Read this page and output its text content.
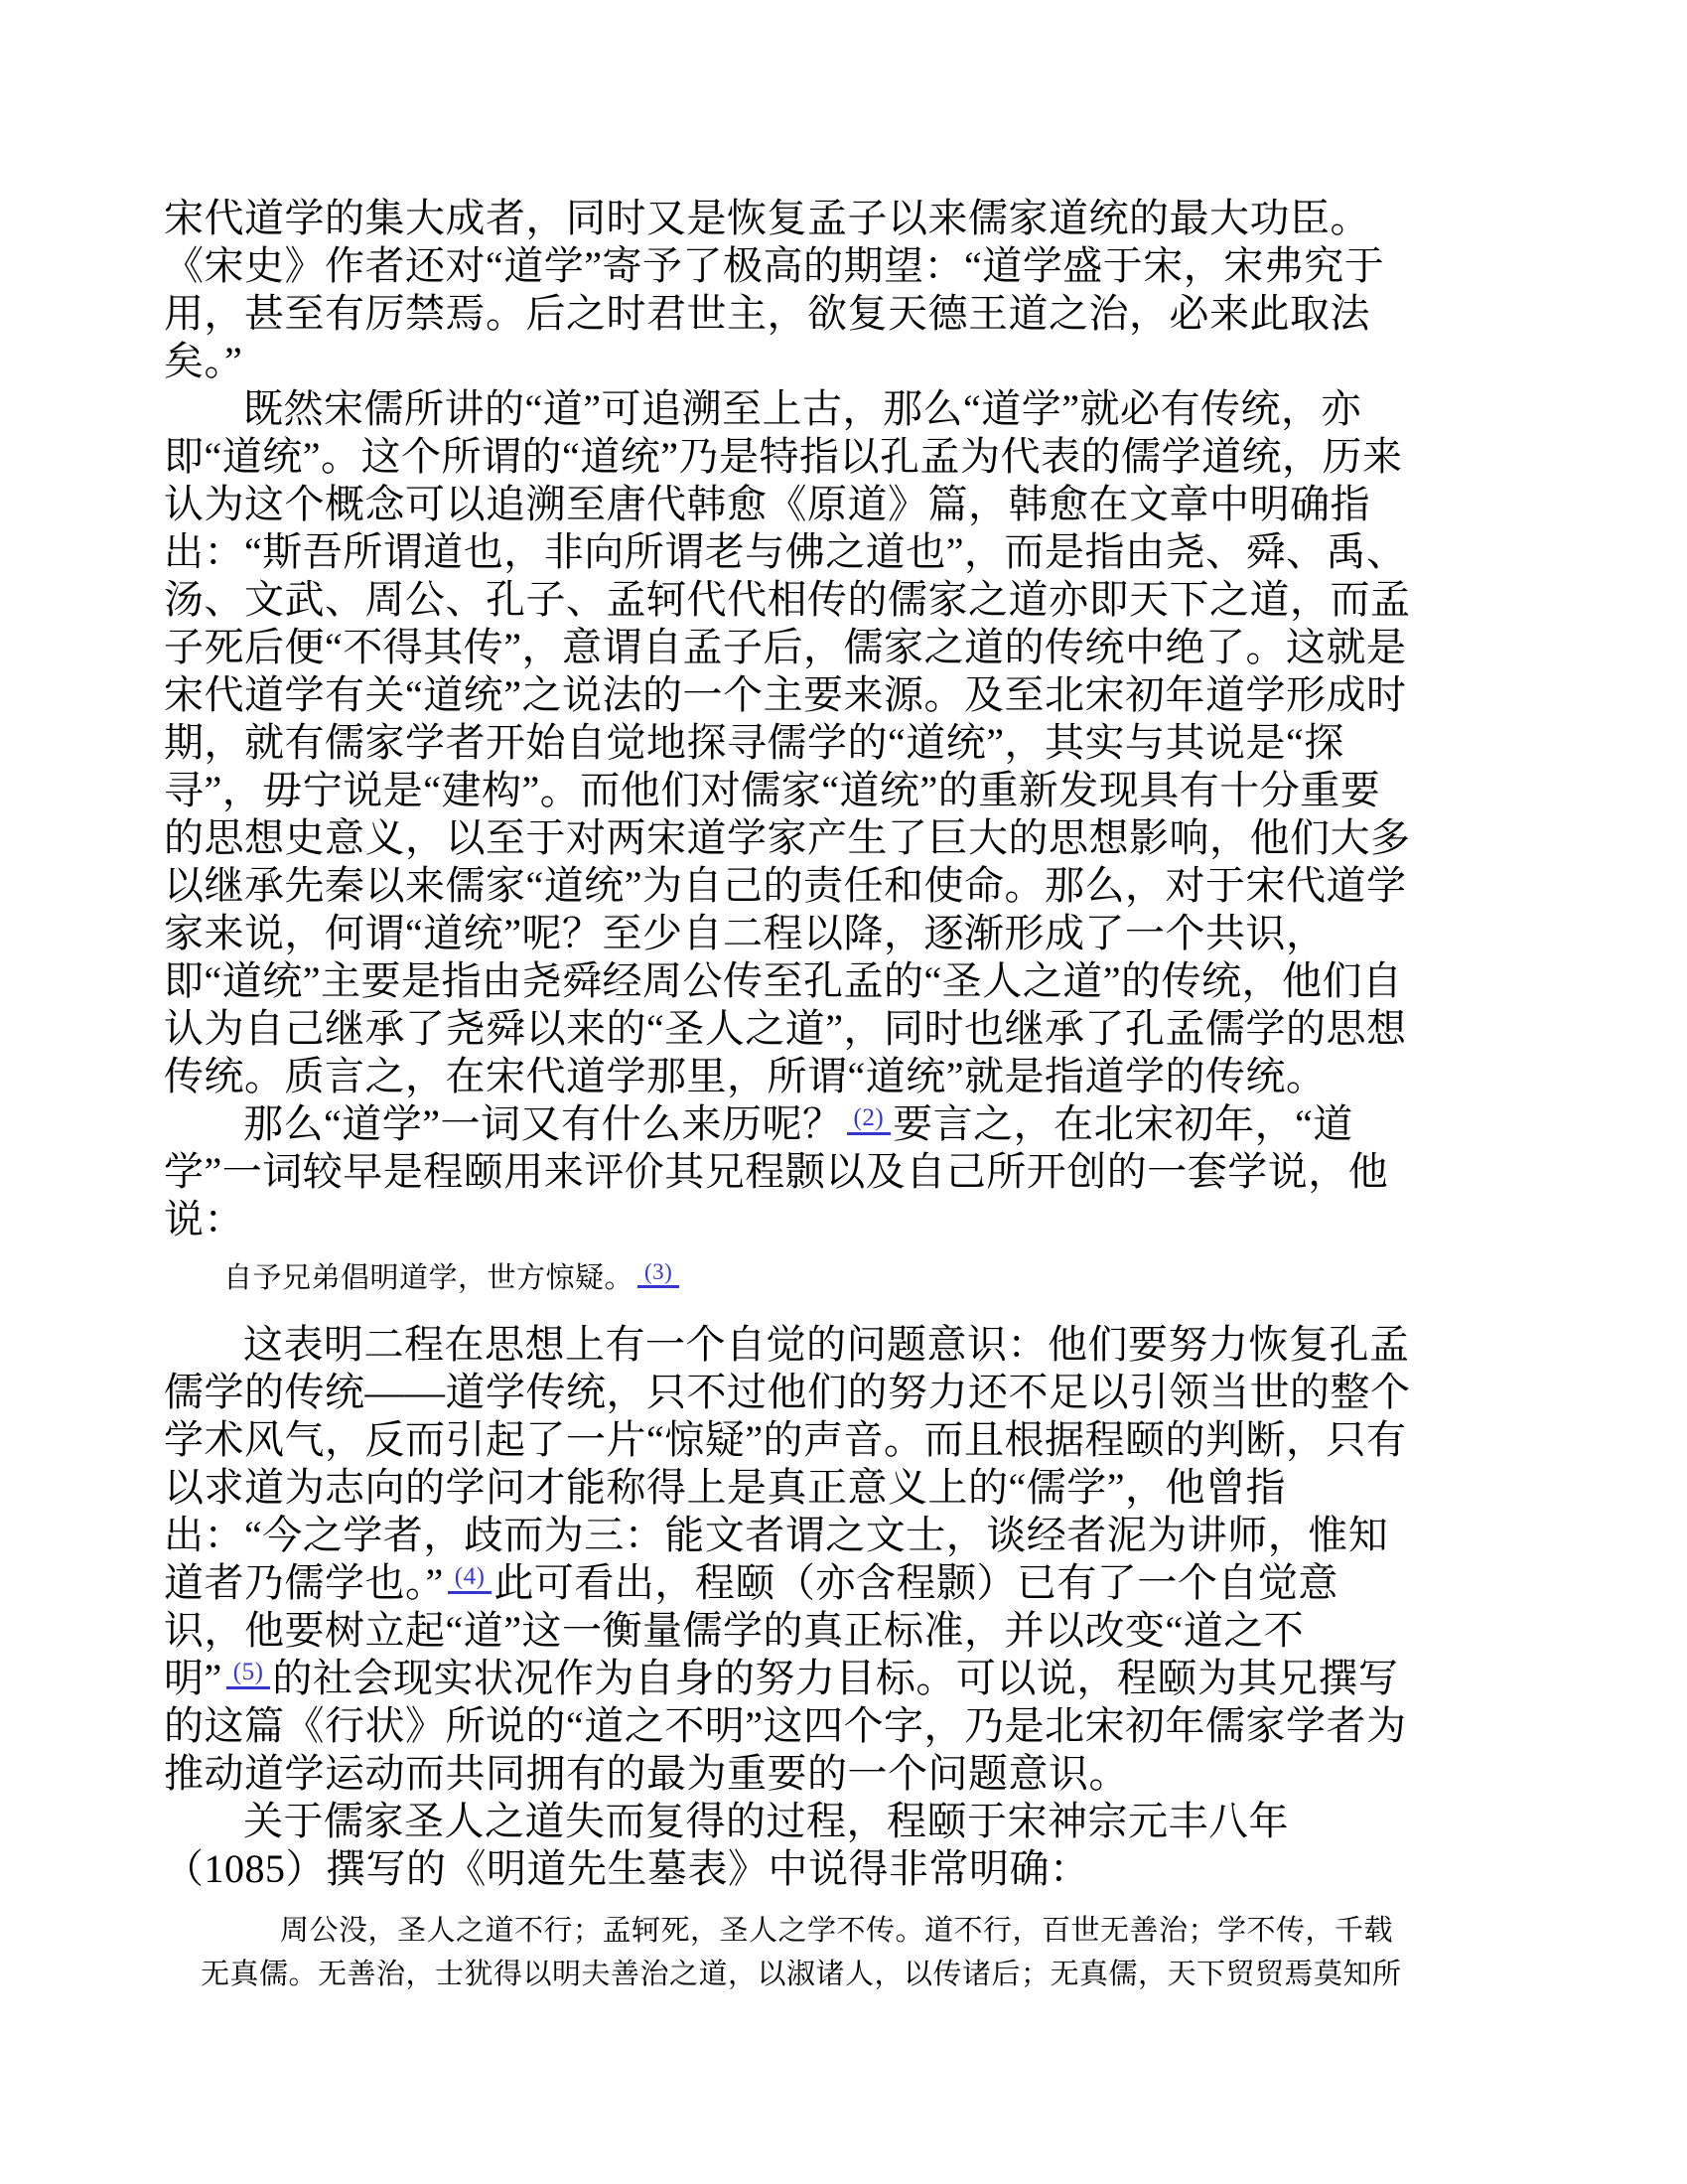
宋代道学的集大成者，同时又是恢复孟子以来儒家道统的最大功臣。
《宋史》作者还对“道学”寄予了极高的期望：“道学盛于宋，宋弗究于
用，甚至有厉禁焉。后之时君世主，欲复天德王道之治，必来此取法
矣。”
既然宋儒所讲的“道”可追溯至上古，那么“道学”就必有传统，亦
即“道统”。这个所谓的“道统”乃是特指以孔孟为代表的儒学道统，历来
认为这个概念可以追溯至唐代韩愈《原道》篇，韩愈在文章中明确指
出：“斯吾所谓道也，非向所谓老与佛之道也”，而是指由尧、舜、禹、
汤、文武、周公、孔子、孟轲代代相传的儒家之道亦即天下之道，而孟
子死后便“不得其传”，意谓自孟子后，儒家之道的传统中绝了。这就是
宋代道学有关“道统”之说法的一个主要来源。及至北宋初年道学形成时
期，就有儒家学者开始自觉地探寻儒学的“道统”，其实与其说是“探
寻”，毋宁说是“建构”。而他们对儒家“道统”的重新发现具有十分重要
的思想史意义，以至于对两宋道学家产生了巨大的思想影响，他们大多
以继承先秦以来儒家“道统”为自己的责任和使命。那么，对于宋代道学
家来说，何谓“道统”呢？至少自二程以降，逐渐形成了一个共识，
即“道统”主要是指由尧舜经周公传至孔孟的“圣人之道”的传统，他们自
认为自己继承了尧舜以来的“圣人之道”，同时也继承了孔孟儒学的思想
传统。质言之，在宋代道学那里，所谓“道统”就是指道学的传统。
那么“道学”一词又有什么来历呢？ $^{(2)}$ 要言之，在北宋初年，“道
学”一词较早是程颐用来评价其兄程颢以及自己所开创的一套学说，他
说：
自予兄弟倡明道学，世方惊疑。 $^{(3)}$
这表明二程在思想上有一个自觉的问题意识：他们要努力恢复孔孟
儒学的传统——道学传统，只不过他们的努力还不足以引领当世的整个
学术风气，反而引起了一片“惊疑”的声音。而且根据程颐的判断，只有
以求道为志向的学问才能称得上是真正意义上的“儒学”，他曾指
出：“今之学者，歧而为三：能文者谓之文士，谈经者泥为讲师，惟知
道者乃儒学也。” $^{(4)}$ 此可看出，程颐（亦含程颢）已有了一个自觉意
识，他要树立起“道”这一衡量儒学的真正标准，并以改变“道之不
明” $^{(5)}$ 的社会现实状况作为自身的努力目标。可以说，程颐为其兄撰写
的这篇《行状》所说的“道之不明”这四个字，乃是北宋初年儒家学者为
推动道学运动而共同拥有的最为重要的一个问题意识。
关于儒家圣人之道失而复得的过程，程颐于宋神宗元丰八年
（1085）撰写的《明道先生墓表》中说得非常明确：
周公没，圣人之道不行；孟轲死，圣人之学不传。道不行，百世无善治；学不传，千载
无真儒。无善治，士犹得以明夫善治之道，以淑诸人，以传诸后；无真儒，天下贸贸焉莫知所
